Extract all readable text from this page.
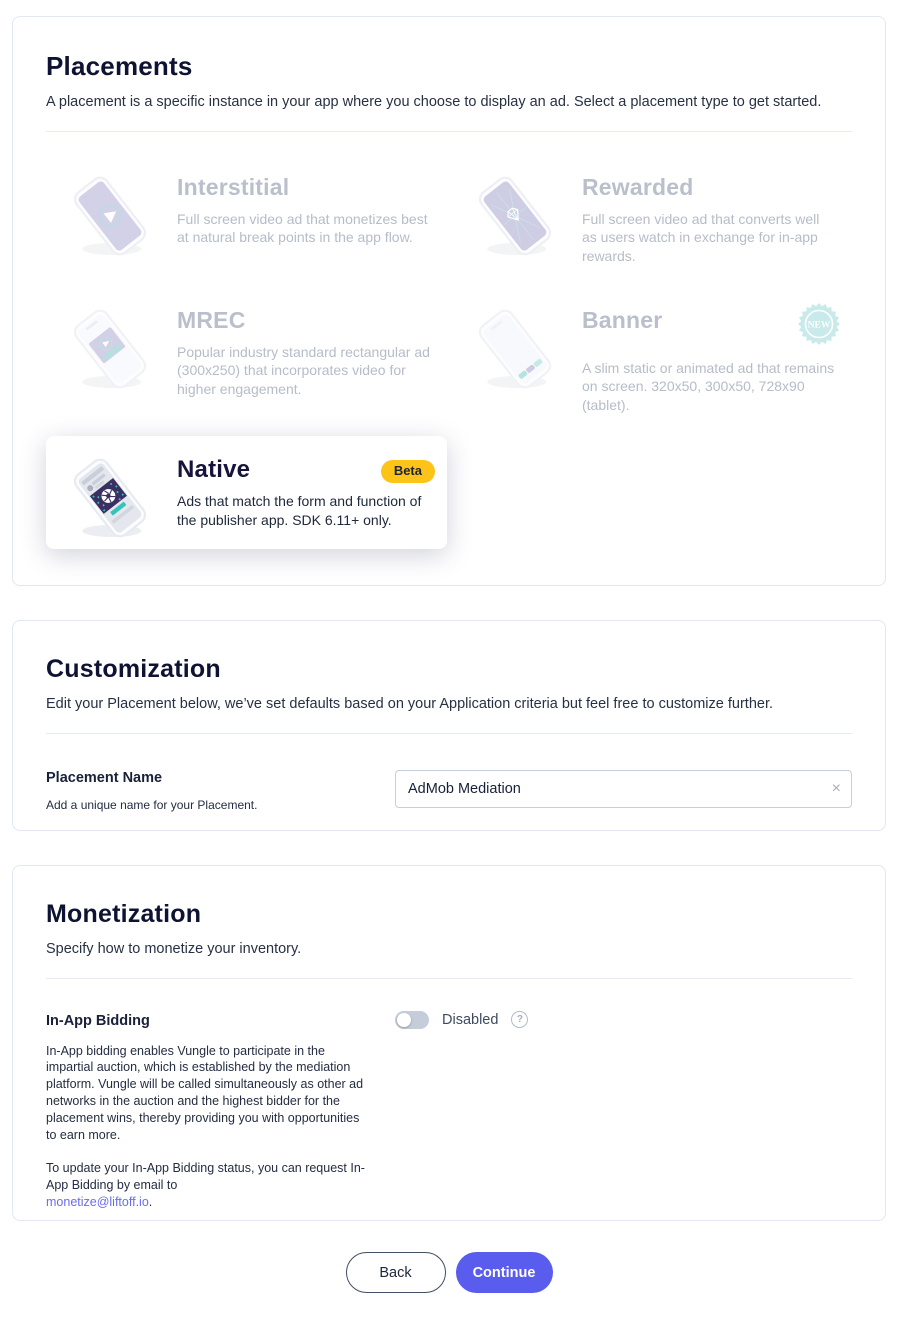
Placements
A placement is a specific instance in your app where you choose to display an ad. Select a placement type to get started.
Interstitial
Full screen video ad that monetizes best at natural break points in the app flow.
Rewarded
Full screen video ad that converts well as users watch in exchange for in-app rewards.
MREC
Popular industry standard rectangular ad (300x250) that incorporates video for higher engagement.
Banner	NEW
A slim static or animated ad that remains on screen. 320x50, 300x50, 728x90 (tablet).
Native	Beta
Ads that match the form and function of the publisher app. SDK 6.11+ only.
Customization
Edit your Placement below, we’ve set defaults based on your Application criteria but feel free to customize further.
Placement Name
Add a unique name for your Placement.
AdMob Mediation
×
Monetization
Specify how to monetize your inventory.
In-App Bidding
In-App bidding enables Vungle to participate in the impartial auction, which is established by the mediation platform. Vungle will be called simultaneously as other ad networks in the auction and the highest bidder for the placement wins, thereby providing you with opportunities to earn more.
To update your In-App Bidding status, you can request In-App Bidding by email to
monetize@liftoff.io.
Disabled	?
Back	Continue
